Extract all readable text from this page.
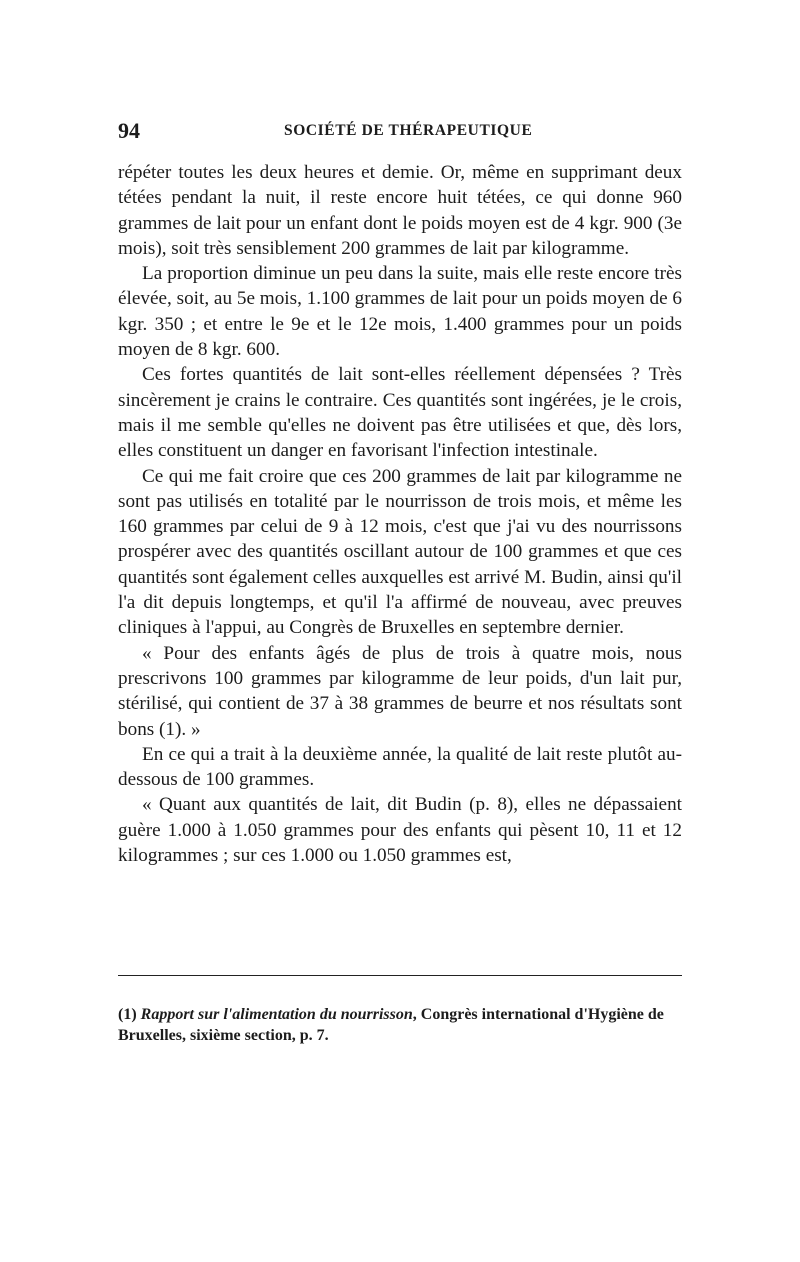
94	SOCIÉTÉ DE THÉRAPEUTIQUE

répéter toutes les deux heures et demie. Or, même en supprimant deux tétées pendant la nuit, il reste encore huit tétées, ce qui donne 960 grammes de lait pour un enfant dont le poids moyen est de 4 kgr. 900 (3e mois), soit très sensiblement 200 grammes de lait par kilogramme.

La proportion diminue un peu dans la suite, mais elle reste encore très élevée, soit, au 5e mois, 1.100 grammes de lait pour un poids moyen de 6 kgr. 350 ; et entre le 9e et le 12e mois, 1.400 grammes pour un poids moyen de 8 kgr. 600.

Ces fortes quantités de lait sont-elles réellement dépensées ? Très sincèrement je crains le contraire. Ces quantités sont ingérées, je le crois, mais il me semble qu'elles ne doivent pas être utilisées et que, dès lors, elles constituent un danger en favorisant l'infection intestinale.

Ce qui me fait croire que ces 200 grammes de lait par kilogramme ne sont pas utilisés en totalité par le nourrisson de trois mois, et même les 160 grammes par celui de 9 à 12 mois, c'est que j'ai vu des nourrissons prospérer avec des quantités oscillant autour de 100 grammes et que ces quantités sont également celles auxquelles est arrivé M. Budin, ainsi qu'il l'a dit depuis longtemps, et qu'il l'a affirmé de nouveau, avec preuves cliniques à l'appui, au Congrès de Bruxelles en septembre dernier.

« Pour des enfants âgés de plus de trois à quatre mois, nous prescrivons 100 grammes par kilogramme de leur poids, d'un lait pur, stérilisé, qui contient de 37 à 38 grammes de beurre et nos résultats sont bons (1). »

En ce qui a trait à la deuxième année, la qualité de lait reste plutôt au-dessous de 100 grammes.

« Quant aux quantités de lait, dit Budin (p. 8), elles ne dépassaient guère 1.000 à 1.050 grammes pour des enfants qui pèsent 10, 11 et 12 kilogrammes ; sur ces 1.000 ou 1.050 grammes est,

(1) Rapport sur l'alimentation du nourrisson, Congrès international d'Hygiène de Bruxelles, sixième section, p. 7.
